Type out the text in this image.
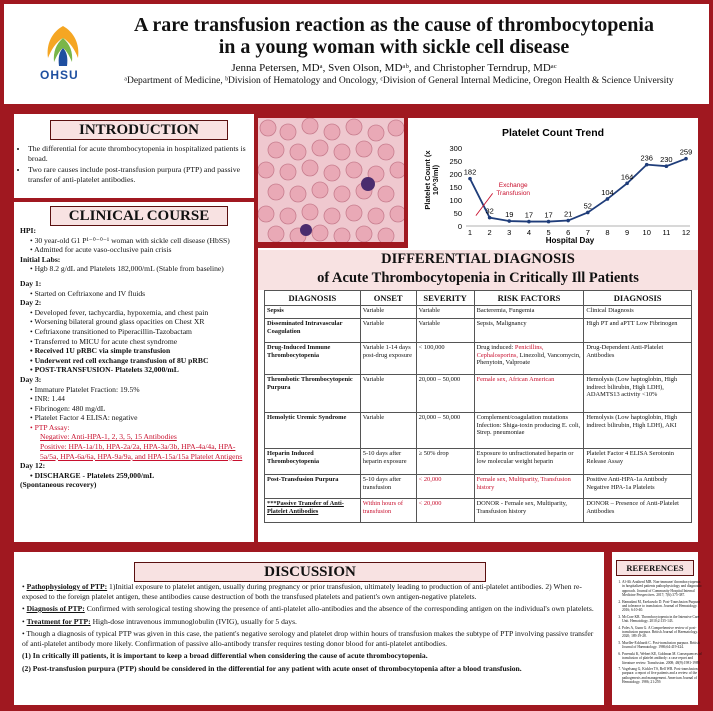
OHSU
A rare transfusion reaction as the cause of thrombocytopenia
in a young woman with sickle cell disease
Jenna Petersen, MDᵃ, Sven Olson, MDᵃᵇ, and Christopher Terndrup, MDᵃᶜ
ᵃDepartment of Medicine, ᵇDivision of Hematology and Oncology, ᶜDivision of General Internal Medicine, Oregon Health & Science University
INTRODUCTION
• The differential for acute thrombocytopenia in hospitalized patients is broad.
• Two rare causes include post-transfusion purpura (PTP) and passive transfer of anti-platelet antibodies.
CLINICAL COURSE
HPI:
• 30 year-old G1 P¹⁻⁰⁻⁰⁻¹ woman with sickle cell disease (HbSS)
• Admitted for acute vaso-occlusive pain crisis
Initial Labs:
• Hgb 8.2 g/dL and Platelets 182,000/mL (Stable from baseline)
Day 1:
• Started on Ceftriaxone and IV fluids
Day 2:
• Developed fever, tachycardia, hypoxemia, and chest pain
• Worsening bilateral ground glass opacities on Chest XR
• Ceftriaxone transitioned to Piperacillin-Tazobactam
• Transferred to MICU for acute chest syndrome
• Received 1U pRBC via simple transfusion
• Underwent red cell exchange transfusion of 8U pRBC
• POST-TRANSFUSION- Platelets 32,000/mL
Day 3:
• Immature Platelet Fraction: 19.5%
• INR: 1.44
• Fibrinogen: 480 mg/dL
• Platelet Factor 4 ELISA: negative
• PTP Assay:
Negative: Anti-HPA-1, 2, 3, 5, 15 Antibodies
Positive: HPA-1a/1b, HPA-2a/2a, HPA-3a/3b, HPA-4a/4a, HPA-5a/5a, HPA-6a/6a, HPA-9a/9a, and HPA-15a/15a Platelet Antigens
Day 12:
• DISCHARGE - Platelets 259,000/mL
(Spontaneous recovery)
Platelet Count Trend
Hospital Day
0
50
100
150
200
250
300
1 2 3 4 5 6 7 8 9 10 11 12
182
32 19 17 17 21
52
104
164
236 230
259
Exchange
Transfusion
Platelet Count (x 10^3/ml)
DIFFERENTIAL DIAGNOSIS
of Acute Thrombocytopenia in Critically Ill Patients
DIAGNOSIS	ONSET	SEVERITY	RISK FACTORS	DIAGNOSIS
Sepsis	Variable	Variable	Bacteremia, Fungemia	Clinical Diagnosis
Disseminated Intravascular Coagulation	Variable	Variable	Sepsis, Malignancy	High PT and aPTT Low Fibrinogen
Drug-Induced Immune Thrombocytopenia	Variable 1-14 days post-drug exposure	< 100,000	Drug induced: Penicillins, Cephalosporins, Linezolid, Vancomycin, Phenytoin, Valproate	Drug-Dependent Anti-Platelet Antibodies
Thrombotic Thrombocytopenic Purpura	Variable	20,000 – 50,000	Female sex, African American	Hemolysis (Low haptoglobin, High indirect bilirubin, High LDH), ADAMTS13 activity <10%
Hemolytic Uremic Syndrome	Variable	20,000 – 50,000	Complement/coagulation mutations Infection: Shiga-toxin producing E. coli, Strep. pneumoniae	Hemolysis (Low haptoglobin, High indirect bilirubin, High LDH), AKI
Heparin Induced Thrombocytopenia	5-10 days after heparin exposure	≥ 50% drop	Exposure to unfractionated heparin or low molecular weight heparin	Platelet Factor 4 ELISA Serotonin Release Assay
Post-Transfusion Purpura	5-10 days after transfusion	< 20,000	Female sex, Multiparity, Transfusion history	Positive Anti-HPA-1a Antibody Negative HPA-1a Platelets
***Passive Transfer of Anti-Platelet Antibodies	Within hours of transfusion	< 20,000	DONOR - Female sex, Multiparity, Transfusion history	DONOR – Presence of Anti-Platelet Antibodies
DISCUSSION
• Pathophysiology of PTP: 1)Initial exposure to platelet antigen, usually during pregnancy or prior transfusion, ultimately leading to production of anti-platelet antibodies. 2) When re-exposed to the foreign platelet antigen, these antibodies cause destruction of both the transfused platelets and patient's own antigen-negative platelets.
• Diagnosis of PTP: Confirmed with serological testing showing the presence of anti-platelet allo-antibodies and the absence of the corresponding antigen on the individual's own platelets.
• Treatment for PTP: High-dose intravenous immunoglobulin (IVIG), usually for 5 days.
• Though a diagnosis of typical PTP was given in this case, the patient's negative serology and platelet drop within hours of transfusion makes the subtype of PTP involving passive transfer of anti-platelet antibody more likely. Confirmation of passive allo-antibody transfer requires testing donor blood for anti-platelet antibodies.
(1) In critically ill patients, it is important to keep a broad differential when considering the cause of acute thrombocytopenia.
(2) Post-transfusion purpura (PTP) should be considered in the differential for any patient with acute onset of thrombocytopenia after a blood transfusion.
REFERENCES
1. Al-Ali Aratherd MB. Non-immune/ thrombocytopenia in hospitalized patients pathophysiology and diagnostic approach. Journal of Community Hospital Internal Medicine Perspectives. 2017; 7(6):375-387.
2. Hamadani M, Ezekwudo D. Post-Transfusion Purpura and tolerance to transfusion. Journal of Hematology. 2016; 6:10-40.
3. McCrae KR. Thrombocytopenia in the Intensive Care Unit. Hematology. 2010;2:135-143.
4. Poles A, Gunn G. A Comprehensive review of post-transfusion purpura. British Journal of Haematology. 2020; 189:19-28.
5. Mueller-Eckhardt C. Post-transfusion purpura. British Journal of Haematology. 1986;64:419-424.
6. Pavenski K, Webert KE, Goldman M. Consequences of transfusion of platelet antibody: a case report and literature review. Transfusion. 2008; 48(9):1981-1989.
7. Vogelsang G, Kickler TS, Bell WR. Post-transfusion purpura: a report of five patients and a review of the pathogenesis and management. American Journal of Hematology. 1986; 21:259.
